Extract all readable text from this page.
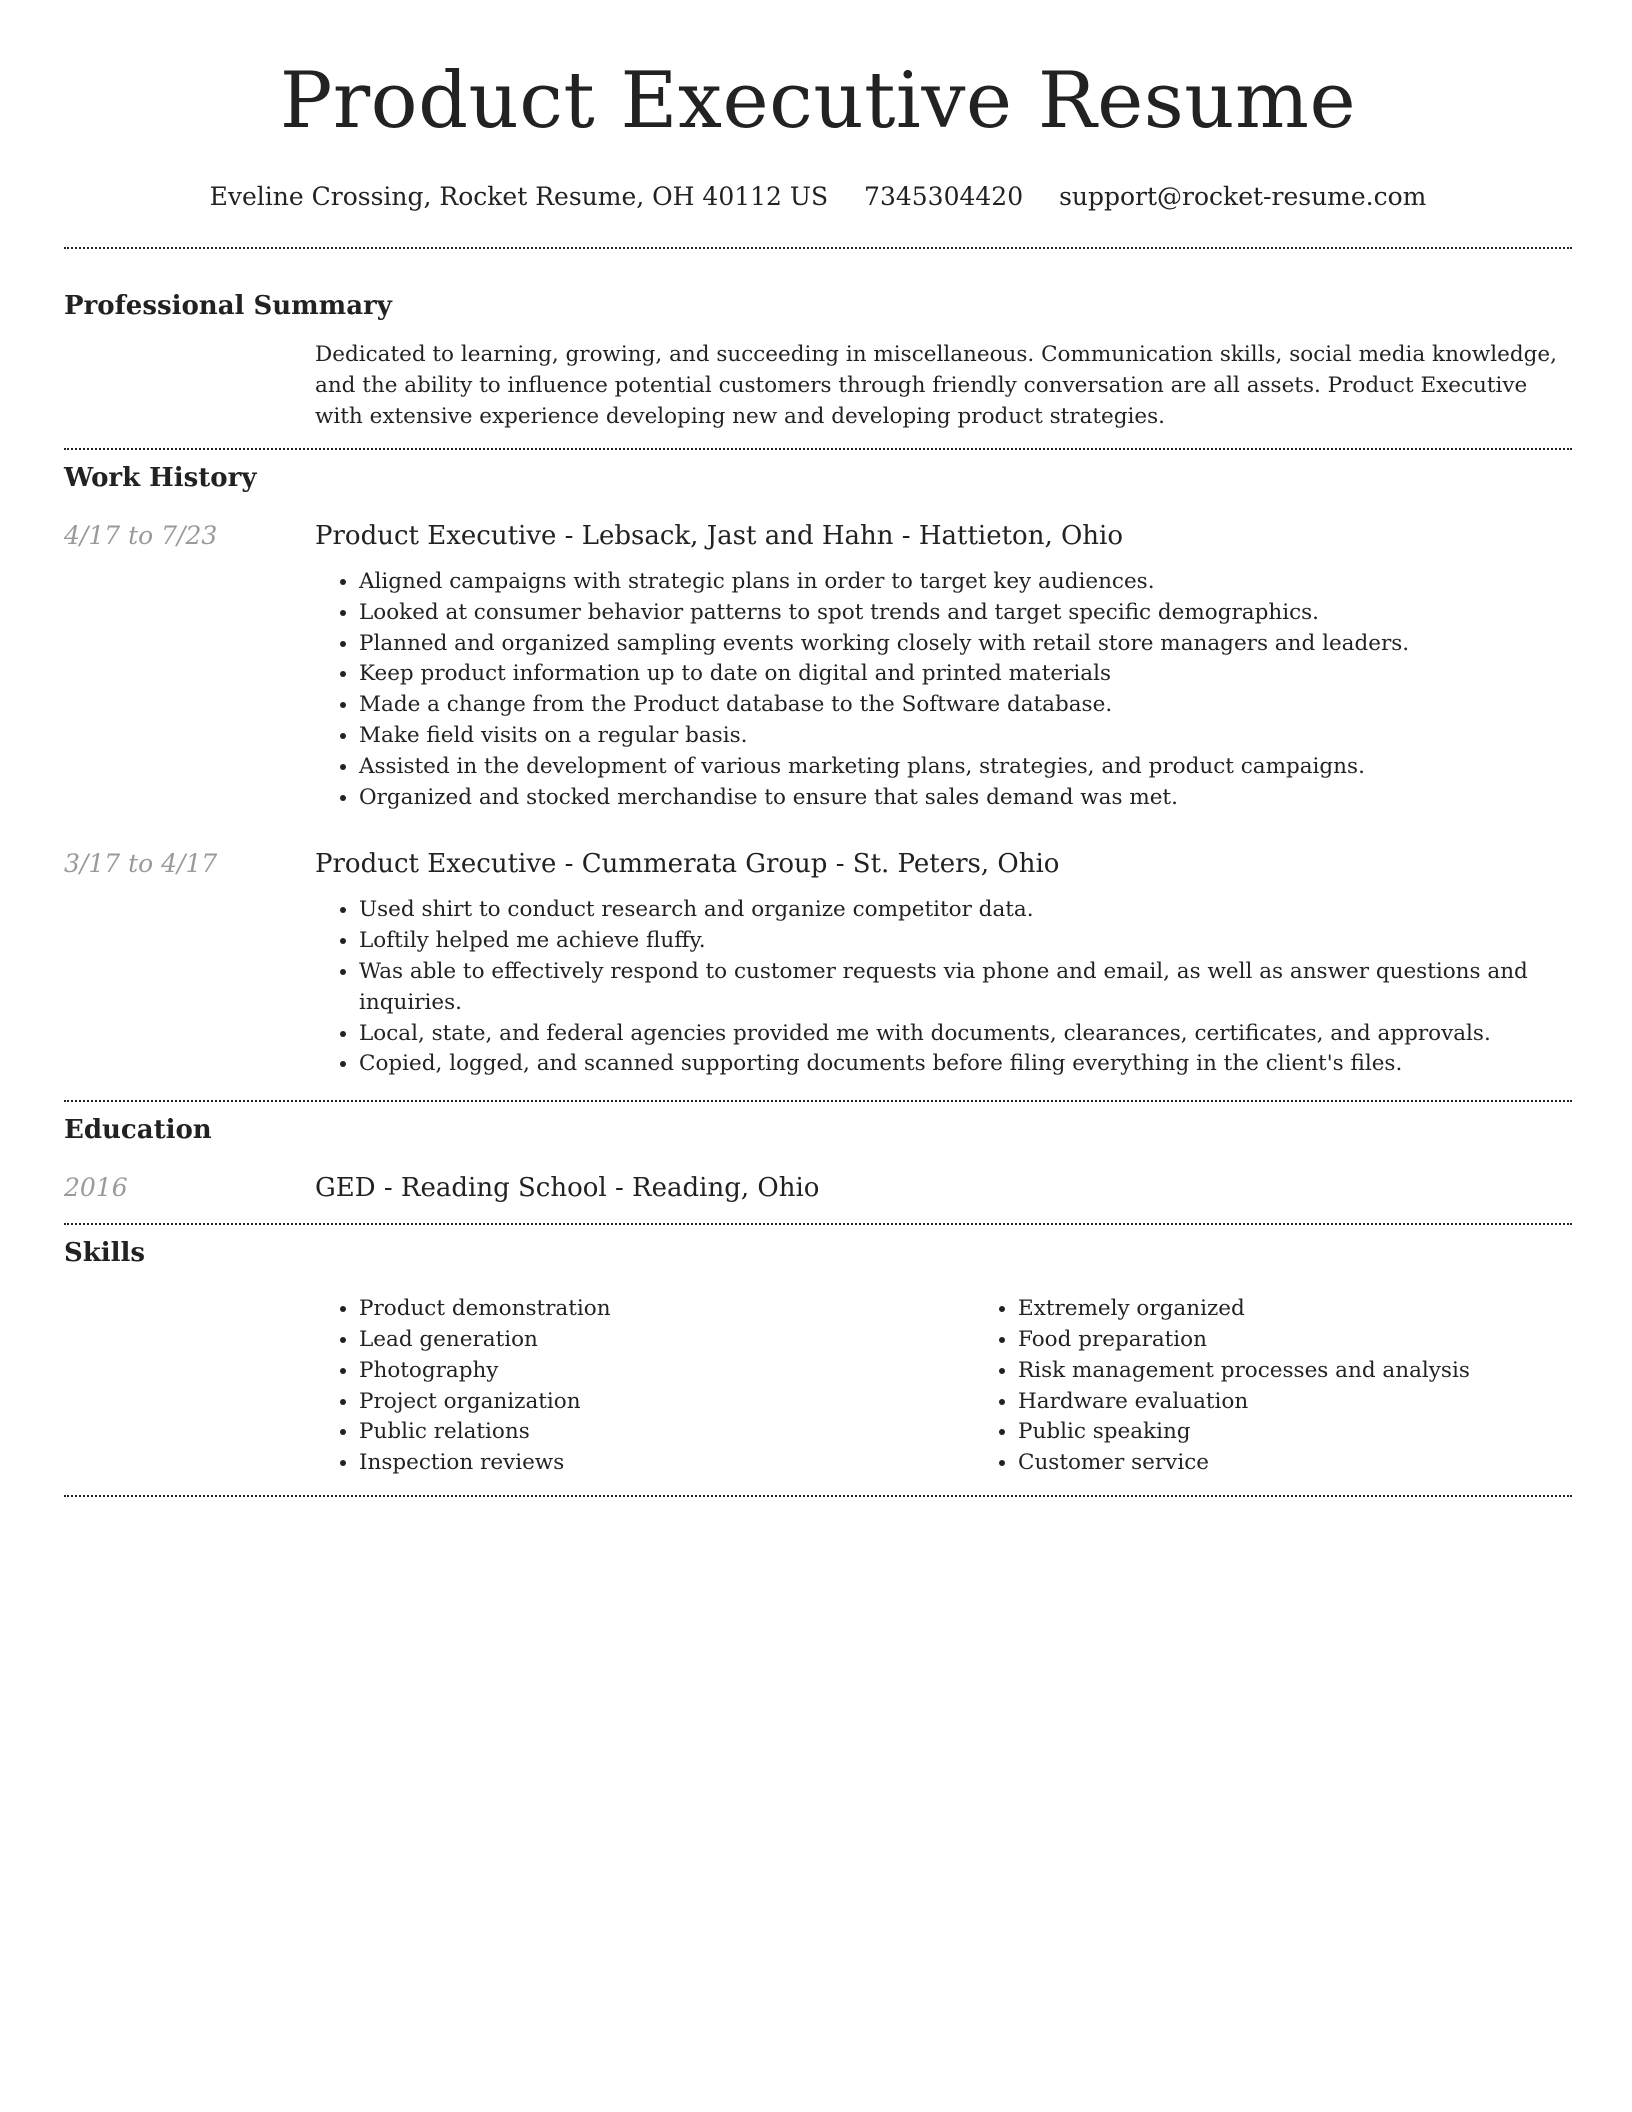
Product Executive Resume
Eveline Crossing, Rocket Resume, OH 40112 US 7345304420 support@rocket-resume.com
Professional Summary

Dedicated to learning, growing, and succeeding in miscellaneous. Communication skills, social media knowledge, and the ability to influence potential customers through friendly conversation are all assets. Product Executive with extensive experience developing new and developing product strategies.

Work History
4/17 to 7/23	Product Executive - Lebsack, Jast and Hahn - Hattieton, Ohio
• Aligned campaigns with strategic plans in order to target key audiences.
• Looked at consumer behavior patterns to spot trends and target specific demographics.
• Planned and organized sampling events working closely with retail store managers and leaders.
• Keep product information up to date on digital and printed materials
• Made a change from the Product database to the Software database.
• Make field visits on a regular basis.
• Assisted in the development of various marketing plans, strategies, and product campaigns.
• Organized and stocked merchandise to ensure that sales demand was met.
3/17 to 4/17	Product Executive - Cummerata Group - St. Peters, Ohio
• Used shirt to conduct research and organize competitor data.
• Loftily helped me achieve fluffy.
• Was able to effectively respond to customer requests via phone and email, as well as answer questions and inquiries.
• Local, state, and federal agencies provided me with documents, clearances, certificates, and approvals.
• Copied, logged, and scanned supporting documents before filing everything in the client's files.
Education
2016	GED - Reading School - Reading, Ohio
Skills
• Product demonstration
• Lead generation
• Photography
• Project organization
• Public relations
• Inspection reviews
• Extremely organized
• Food preparation
• Risk management processes and analysis
• Hardware evaluation
• Public speaking
• Customer service
